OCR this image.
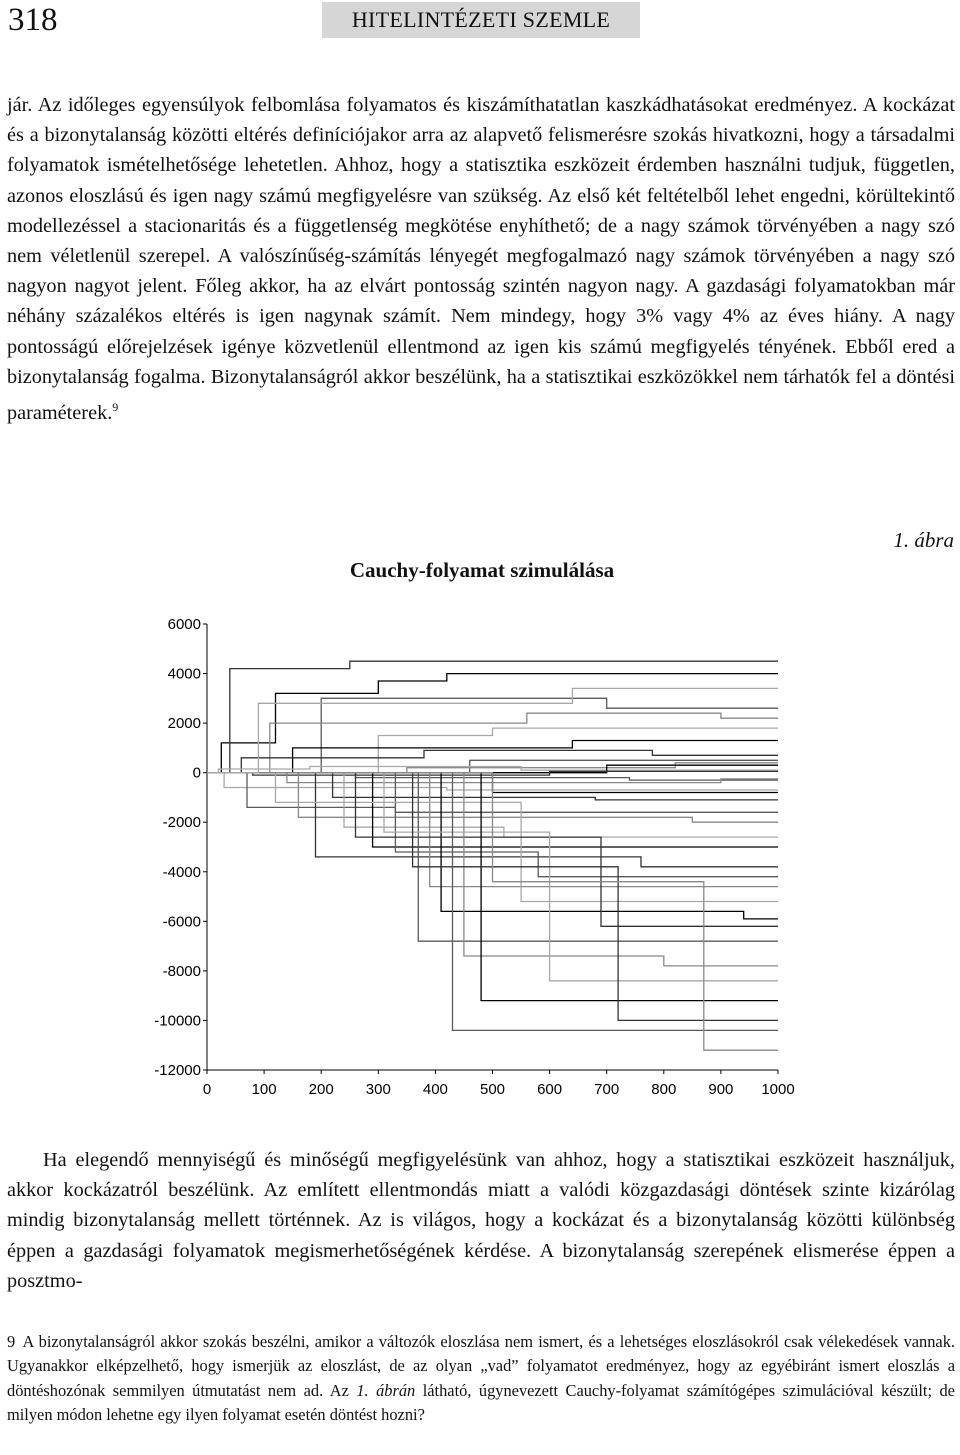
318	HITELINTÉZETI SZEMLE

jár. Az időleges egyensúlyok felbomlása folyamatos és kiszámíthatatlan kaszkádhatásokat eredményez. A kockázat és a bizonytalanság közötti eltérés definíciójakor arra az alapvető felismerésre szokás hivatkozni, hogy a társadalmi folyamatok ismételhetősége lehetetlen. Ahhoz, hogy a statisztika eszközeit érdemben használni tudjuk, független, azonos eloszlású és igen nagy számú megfigyelésre van szükség. Az első két feltételből lehet engedni, körültekintő modellezéssel a stacionaritás és a függetlenség megkötése enyhíthető; de a nagy számok törvényében a nagy szó nem véletlenül szerepel. A valószínűség-számítás lényegét megfogalmazó nagy számok törvényében a nagy szó nagyon nagyot jelent. Főleg akkor, ha az elvárt pontosság szintén nagyon nagy. A gazdasági folyamatokban már néhány százalékos eltérés is igen nagynak számít. Nem mindegy, hogy 3% vagy 4% az éves hiány. A nagy pontosságú előrejelzések igénye közvetlenül ellentmond az igen kis számú megfigyelés tényének. Ebből ered a bizonytalanság fogalma. Bizonytalanságról akkor beszélünk, ha a statisztikai eszközökkel nem tárhatók fel a döntési paraméterek.$^9$

1. ábra
Cauchy-folyamat szimulálása
0	100 200 300 400 500 600 700 800 900 1000
6000
4000
2000
0
-2000
-4000
-6000
-8000
-10000
-12000

Ha elegendő mennyiségű és minőségű megfigyelésünk van ahhoz, hogy a statisztikai eszközeit használjuk, akkor kockázatról beszélünk. Az említett ellentmondás miatt a valódi közgazdasági döntések szinte kizárólag mindig bizonytalanság mellett történnek. Az is világos, hogy a kockázat és a bizonytalanság közötti különbség éppen a gazdasági folyamatok megismerhetőségének kérdése. A bizonytalanság szerepének elismerése éppen a posztmo-

9 A bizonytalanságról akkor szokás beszélni, amikor a változók eloszlása nem ismert, és a lehetséges eloszlásokról csak vélekedések vannak. Ugyanakkor elképzelhető, hogy ismerjük az eloszlást, de az olyan „vad” folyamatot eredményez, hogy az egyébiránt ismert eloszlás a döntéshozónak semmilyen útmutatást nem ad. Az 1. ábrán látható, úgynevezett Cauchy-folyamat számítógépes szimulációval készült; de milyen módon lehetne egy ilyen folyamat esetén döntést hozni?
